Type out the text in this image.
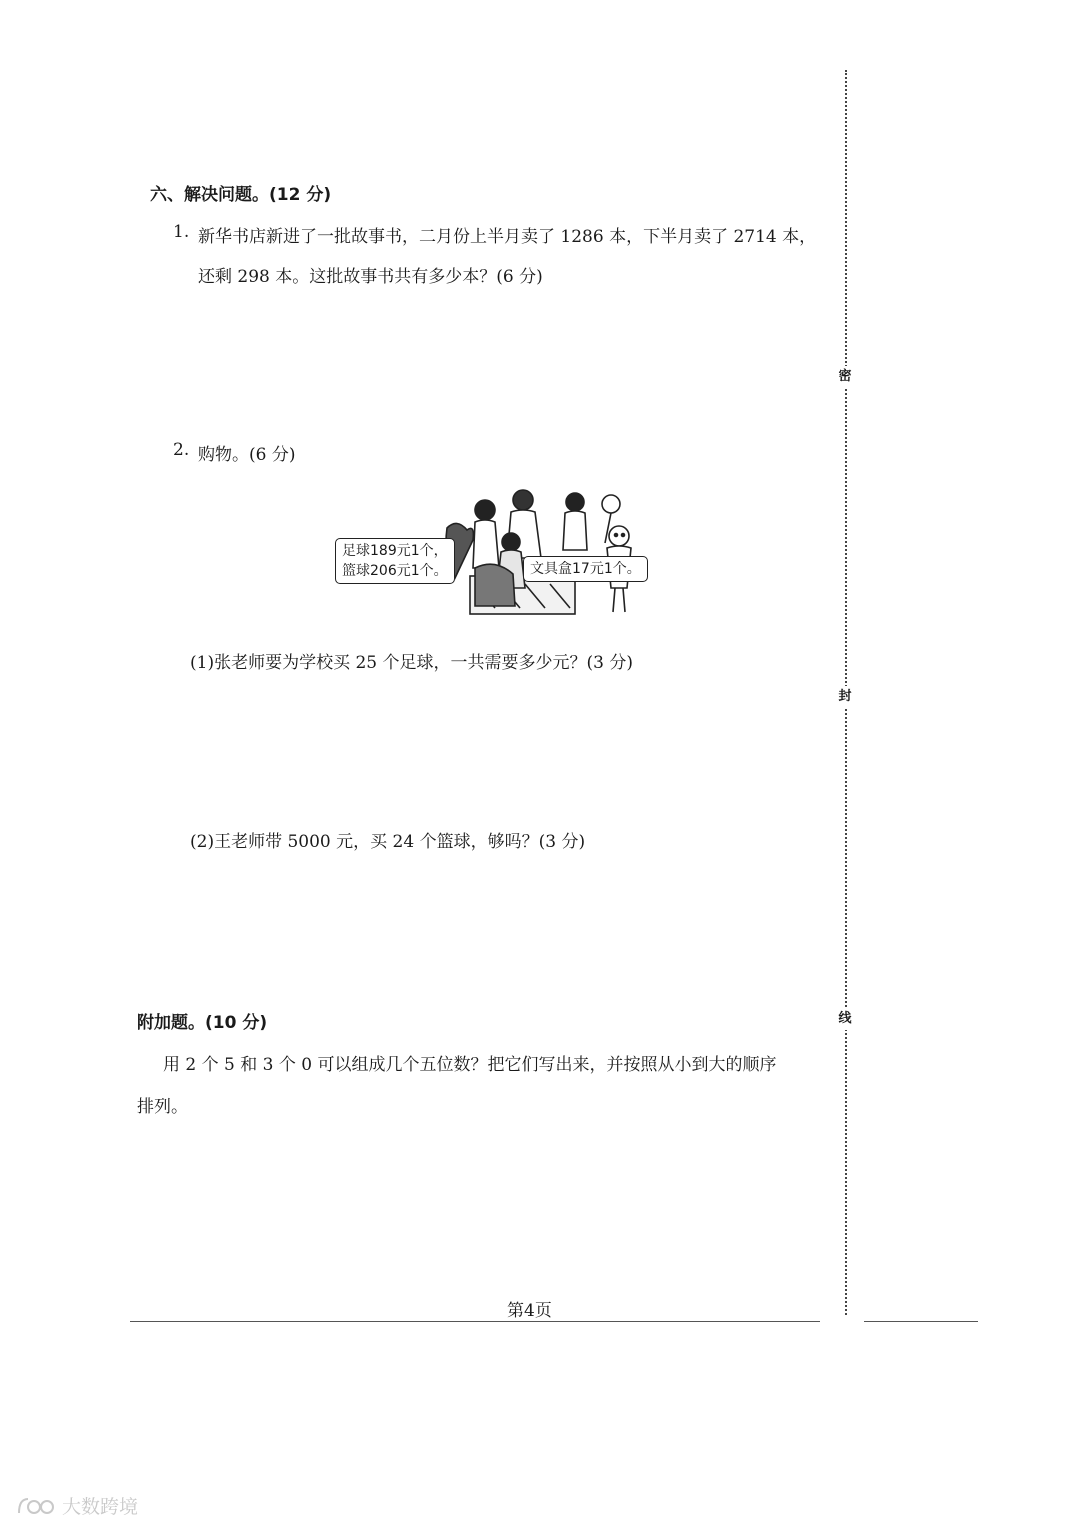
六、解决问题。(12 分)
1. 新华书店新进了一批故事书，二月份上半月卖了 1286 本，下半月卖了 2714 本，
还剩 298 本。这批故事书共有多少本？(6 分)
2. 购物。(6 分)
足球189元1个，
篮球206元1个。	文具盒17元1个。
(1)张老师要为学校买 25 个足球，一共需要多少元？(3 分)
(2)王老师带 5000 元，买 24 个篮球，够吗？(3 分)
附加题。(10 分)
用 2 个 5 和 3 个 0 可以组成几个五位数？把它们写出来，并按照从小到大的顺序
排列。
密
封
线
第4页
大数跨境
